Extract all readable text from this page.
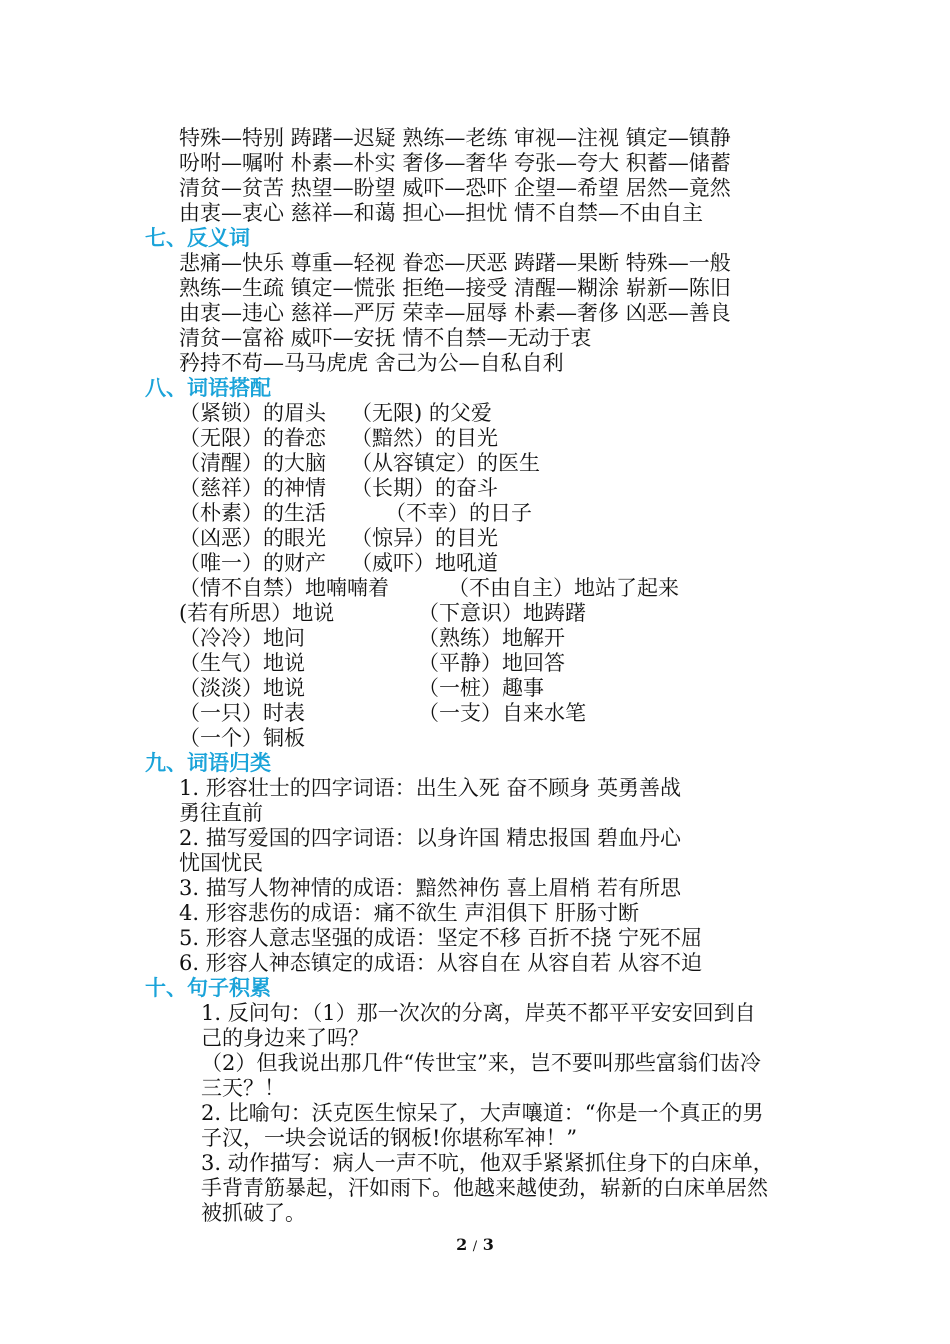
特殊—特别 踌躇—迟疑 熟练—老练 审视—注视 镇定—镇静
吩咐—嘱咐 朴素—朴实 奢侈—奢华 夸张—夸大 积蓄—储蓄
清贫—贫苦 热望—盼望 威吓—恐吓 企望—希望 居然—竟然
由衷—衷心 慈祥—和蔼 担心—担忧 情不自禁—不由自主
七、反义词
悲痛—快乐 尊重—轻视 眷恋—厌恶 踌躇—果断 特殊—一般
熟练—生疏 镇定—慌张 拒绝—接受 清醒—糊涂 崭新—陈旧
由衷—违心 慈祥—严厉 荣幸—屈辱 朴素—奢侈 凶恶—善良
清贫—富裕 威吓—安抚 情不自禁—无动于衷
矜持不苟—马马虎虎 舍己为公—自私自利
八、词语搭配
（紧锁）的眉头 （无限) 的父爱
（无限）的眷恋 （黯然）的目光
（清醒）的大脑 （从容镇定）的医生
（慈祥）的神情 （长期）的奋斗
（朴素）的生活	（不幸）的日子
（凶恶）的眼光 （惊异）的目光
（唯一）的财产 （威吓）地吼道
（情不自禁）地喃喃着	（不由自主）地站了起来
(若有所思）地说	（下意识）地踌躇
（冷冷）地问	（熟练）地解开
（生气）地说	（平静）地回答
（淡淡）地说	（一桩）趣事
（一只）时表	（一支）自来水笔
（一个）铜板
九、词语归类
1. 形容壮士的四字词语：出生入死 奋不顾身 英勇善战
勇往直前
2. 描写爱国的四字词语：以身许国 精忠报国 碧血丹心
忧国忧民
3. 描写人物神情的成语：黯然神伤 喜上眉梢 若有所思
4. 形容悲伤的成语：痛不欲生 声泪俱下 肝肠寸断
5. 形容人意志坚强的成语：坚定不移 百折不挠 宁死不屈
6. 形容人神态镇定的成语：从容自在 从容自若 从容不迫
十、句子积累
1. 反问句：（1）那一次次的分离，岸英不都平平安安回到自
己的身边来了吗？
（2）但我说出那几件“传世宝”来，岂不要叫那些富翁们齿冷
三天？！
2. 比喻句：沃克医生惊呆了，大声嚷道：“你是一个真正的男
子汉，一块会说话的钢板!你堪称军神！”
3. 动作描写：病人一声不吭，他双手紧紧抓住身下的白床单，
手背青筋暴起，汗如雨下。他越来越使劲，崭新的白床单居然
被抓破了。
2 / 3
